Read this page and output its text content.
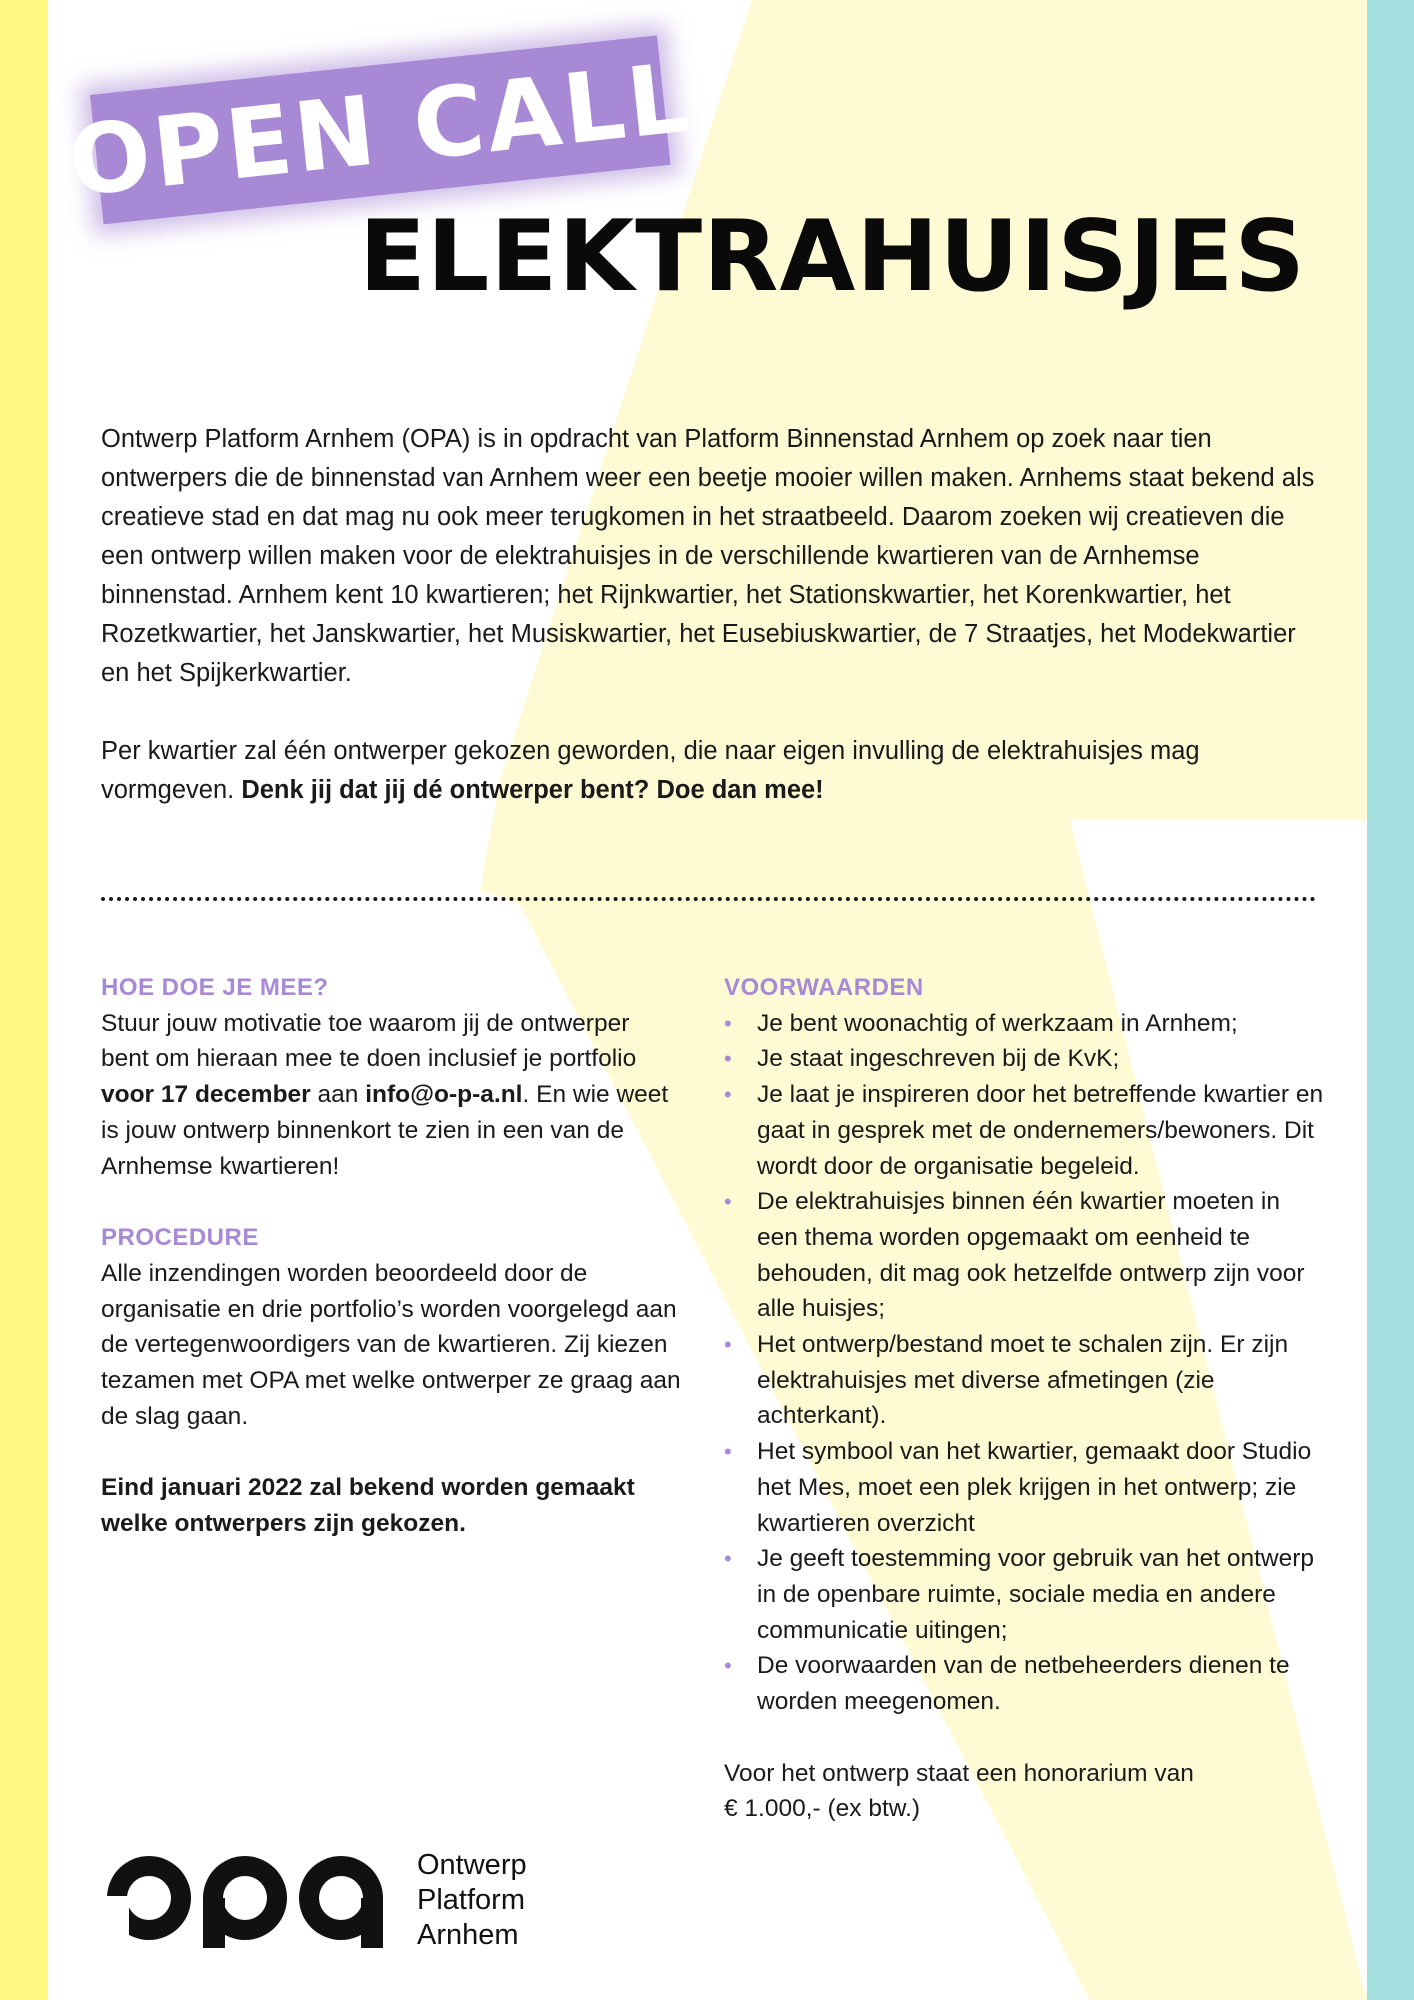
OPEN CALL
ELEKTRAHUISJES

Ontwerp Platform Arnhem (OPA) is in opdracht van Platform Binnenstad Arnhem op zoek naar tien ontwerpers die de binnenstad van Arnhem weer een beetje mooier willen maken. Arnhems staat bekend als creatieve stad en dat mag nu ook meer terugkomen in het straatbeeld. Daarom zoeken wij creatieven die een ontwerp willen maken voor de elektrahuisjes in de verschillende kwartieren van de Arnhemse binnenstad. Arnhem kent 10 kwartieren; het Rijnkwartier, het Stationskwartier, het Korenkwartier, het Rozetkwartier, het Janskwartier, het Musiskwartier, het Eusebiuskwartier, de 7 Straatjes, het Modekwartier en het Spijkerkwartier.

Per kwartier zal één ontwerper gekozen geworden, die naar eigen invulling de elektrahuisjes mag vormgeven. Denk jij dat jij dé ontwerper bent? Doe dan mee!

HOE DOE JE MEE?

Stuur jouw motivatie toe waarom jij de ontwerper bent om hieraan mee te doen inclusief je portfolio voor 17 december aan info@o-p-a.nl. En wie weet is jouw ontwerp binnenkort te zien in een van de Arnhemse kwartieren!

PROCEDURE

Alle inzendingen worden beoordeeld door de organisatie en drie portfolio’s worden voorgelegd aan de vertegenwoordigers van de kwartieren. Zij kiezen tezamen met OPA met welke ontwerper ze graag aan de slag gaan.

Eind januari 2022 zal bekend worden gemaakt welke ontwerpers zijn gekozen.

VOORWAARDEN
• Je bent woonachtig of werkzaam in Arnhem;
• Je staat ingeschreven bij de KvK;
• Je laat je inspireren door het betreffende kwartier en gaat in gesprek met de ondernemers/bewoners. Dit wordt door de organisatie begeleid.
• De elektrahuisjes binnen één kwartier moeten in een thema worden opgemaakt om eenheid te behouden, dit mag ook hetzelfde ontwerp zijn voor alle huisjes;
• Het ontwerp/bestand moet te schalen zijn. Er zijn elektrahuisjes met diverse afmetingen (zie achterkant).
• Het symbool van het kwartier, gemaakt door Studio het Mes, moet een plek krijgen in het ontwerp; zie kwartieren overzicht
• Je geeft toestemming voor gebruik van het ontwerp in de openbare ruimte, sociale media en andere communicatie uitingen;
• De voorwaarden van de netbeheerders dienen te worden meegenomen.

Voor het ontwerp staat een honorarium van

€ 1.000,- (ex btw.)

Ontwerp
Platform
Arnhem
